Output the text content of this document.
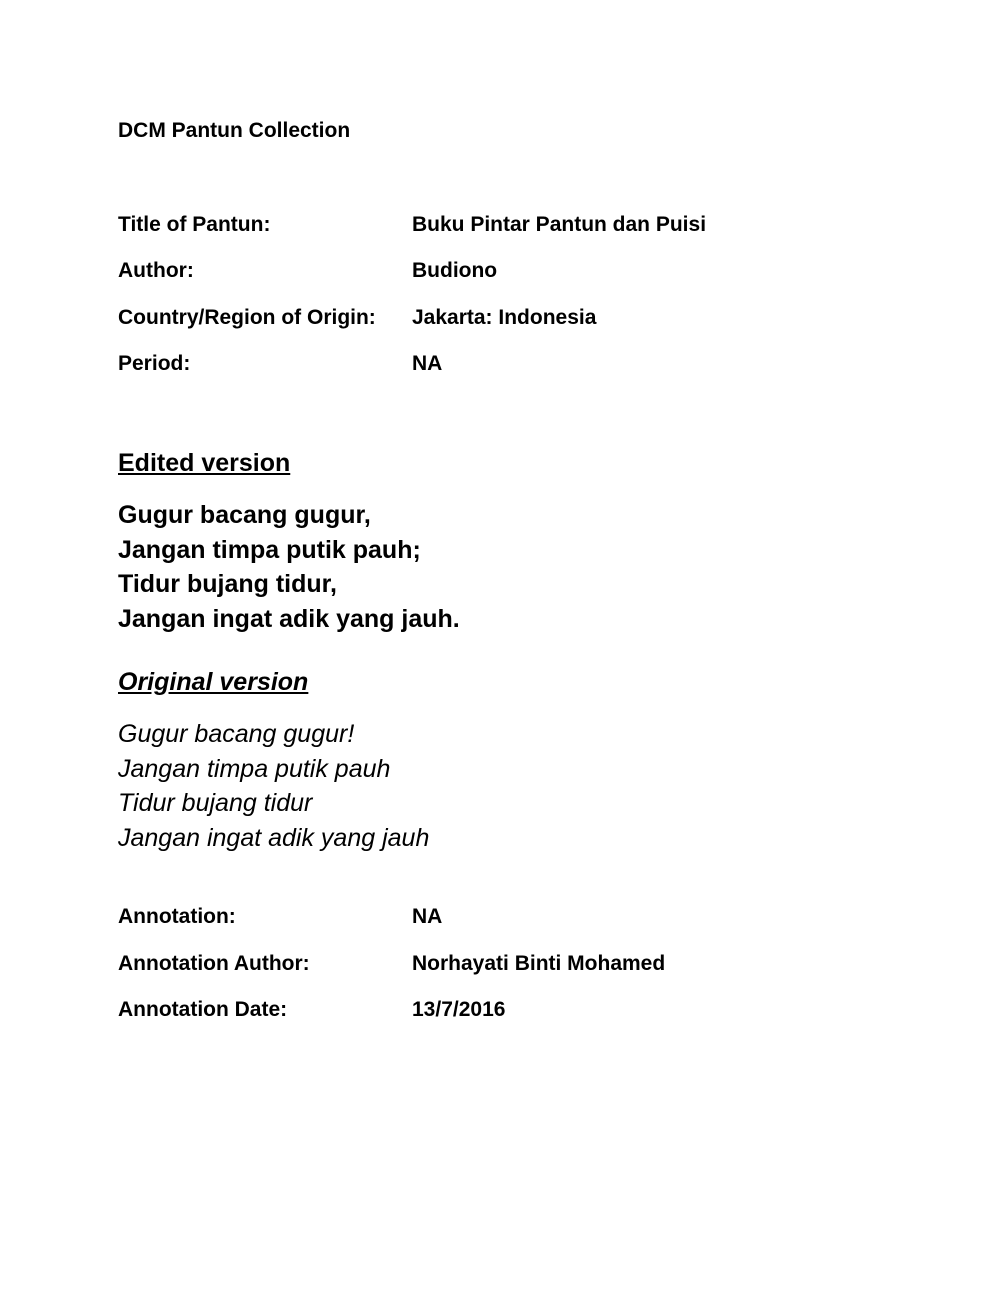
DCM Pantun Collection
Title of Pantun:	Buku Pintar Pantun dan Puisi
Author:	Budiono
Country/Region of Origin: Jakarta: Indonesia
Period:	NA
Edited version
Gugur bacang gugur,
Jangan timpa putik pauh;
Tidur bujang tidur,
Jangan ingat adik yang jauh.
Original version
Gugur bacang gugur!
Jangan timpa putik pauh
Tidur bujang tidur
Jangan ingat adik yang jauh
Annotation:	NA
Annotation Author:	Norhayati Binti Mohamed
Annotation Date:	13/7/2016
